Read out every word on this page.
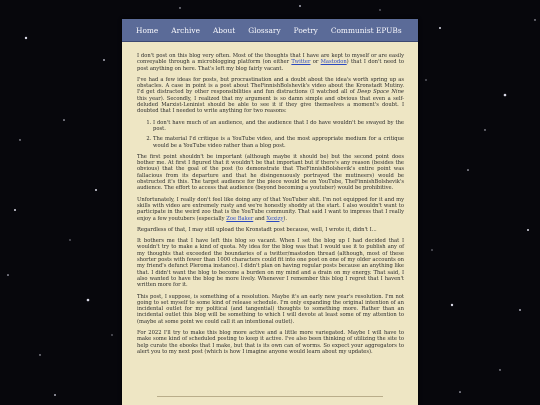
Home Archive About Glossary Poetry Communist EPUBs

I don't post on this blog very often. Most of the thoughts that I have are kept to myself or are easily conveyable through a microblogging platform (on either Twitter or Mastodon) that I don't need to post anything on here. That's left my blog fairly vacant.

I've had a few ideas for posts, but procrastination and a doubt about the idea's worth spring up as obstacles. A case in point is a post about TheFinnishBolshevik's video about the Kronstadt Mutiny. I'd get distracted by other responsibilities and fun distractions (I watched all of Deep Space Nine this year). Secondly, I realized that my argument is so damn simple and obvious that even a self-deluded Marxist-Leninist should be able to see it if they give themselves a moment's doubt. I doubted that I needed to write anything for two reasons:

1. I don't have much of an audience, and the audience that I do have wouldn't be swayed by the post.
2. The material I'd critique is a YouTube video, and the most appropriate medium for a critique would be a YouTube video rather than a blog post.

The first point shouldn't be important (although maybe it should be) but the second point does bother me. At first I figured that it wouldn't be that important but if there's any reason (besides the obvious) that the goal of the post (to demonstrate that TheFinnishBolshevik's entire point was fallacious from its departure and that he disingenuously portrayed the mutineers) would be obstructed it's this. The target audience for the piece would be on YouTube, TheFinnishBolshevik's audience. The effort to access that audience (beyond becoming a youtuber) would be prohibitive.

Unfortunately, I really don't feel like doing any of that YouTuber shit. I'm not equipped for it and my skills with video are extremely rusty and we're honestly shoddy at the start. I also wouldn't want to participate in the weird zoo that is the YouTube community. That said I want to impress that I really enjoy a few youtubers (especially Zoe Baker and Xexizy).

Regardless of that, I may still upload the Kronstadt post because, well, I wrote it, didn't I...

It bothers me that I have left this blog so vacant. When I set the blog up I had decided that I wouldn't try to make a kind of quota. My idea for the blog was that I would use it to publish any of my thoughts that exceeded the boundaries of a twitter/mastodon thread (although, most of these shorter posts with fewer than 1000 characters could fit into one post on one of my older accounts on my friend's defunct Pleroma instance). I didn't plan on having regular posts because an anything like that. I didn't want the blog to become a burden on my mind and a drain on my energy. That said, I also wanted to have the blog be more lively. Whenever I remember this blog I regret that I haven't written more for it.

This post, I suppose, is something of a resolution. Maybe it's an early new year's resolution. I'm not going to set myself to some kind of release schedule. I'm only expanding the original intention of an incidental outlet for my political (and tangential) thoughts to something more. Rather than an incidental outlet this blog will be something to which I will devote at least some of my attention to (maybe at some point we could call it an intentional outlet).

For 2022 I'll try to make this blog more active and a little more variegated. Maybe I will have to make some kind of scheduled posting to keep it active. I've also been thinking of utilizing the site to help curate the ebooks that I make, but that is its own can of worms. So expect your aggregators to alert you to my next post (which is how I imagine anyone would learn about my updates).
